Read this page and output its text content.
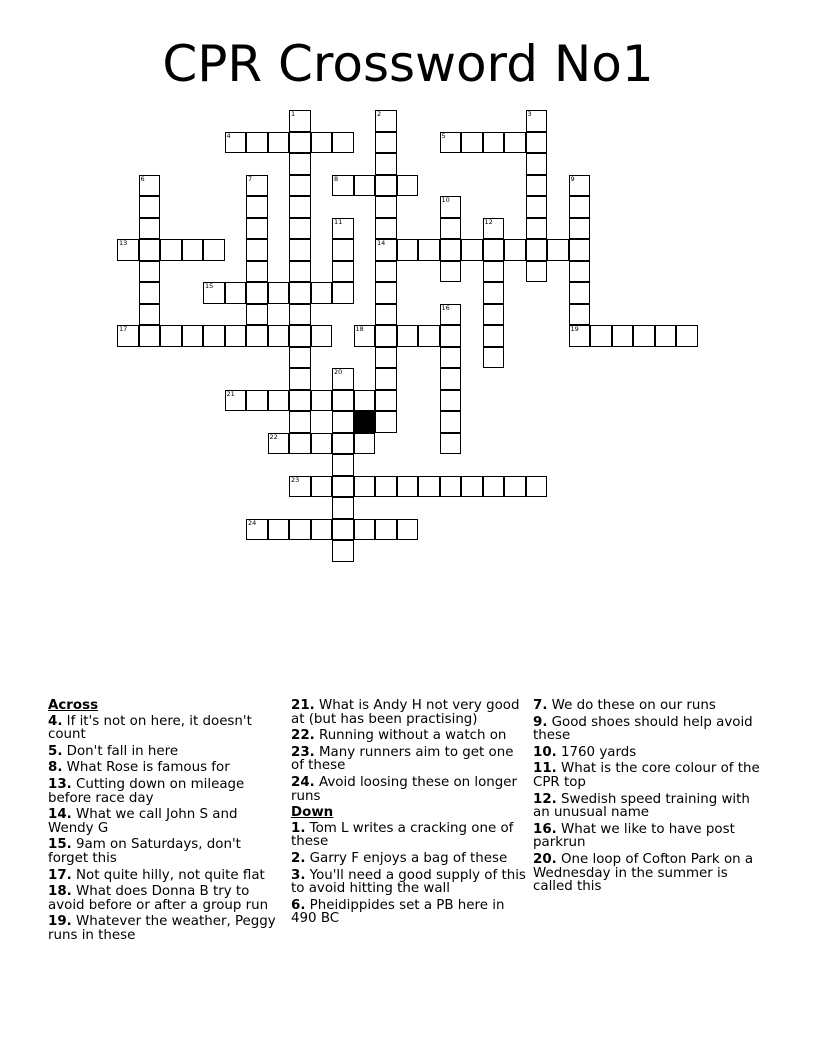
CPR Crossword No1
1	2
14
3
4	5
6	7	8	9
10
11	12
13
15
16
17	18	19
20
21
22
23
24
Across
4. If it's not on here, it doesn't count
5. Don't fall in here
8. What Rose is famous for
13. Cutting down on mileage before race day
14. What we call John S and Wendy G
15. 9am on Saturdays, don't forget this
17. Not quite hilly, not quite flat
18. What does Donna B try to avoid before or after a group run
19. Whatever the weather, Peggy runs in these
21. What is Andy H not very good at (but has been practising)
22. Running without a watch on
23. Many runners aim to get one of these
24. Avoid loosing these on longer runs
Down
1. Tom L writes a cracking one of these
2. Garry F enjoys a bag of these
3. You'll need a good supply of this to avoid hitting the wall
6. Pheidippides set a PB here in 490 BC
7. We do these on our runs
9. Good shoes should help avoid these
10. 1760 yards
11. What is the core colour of the CPR top
12. Swedish speed training with an unusual name
16. What we like to have post parkrun
20. One loop of Cofton Park on a Wednesday in the summer is called this
